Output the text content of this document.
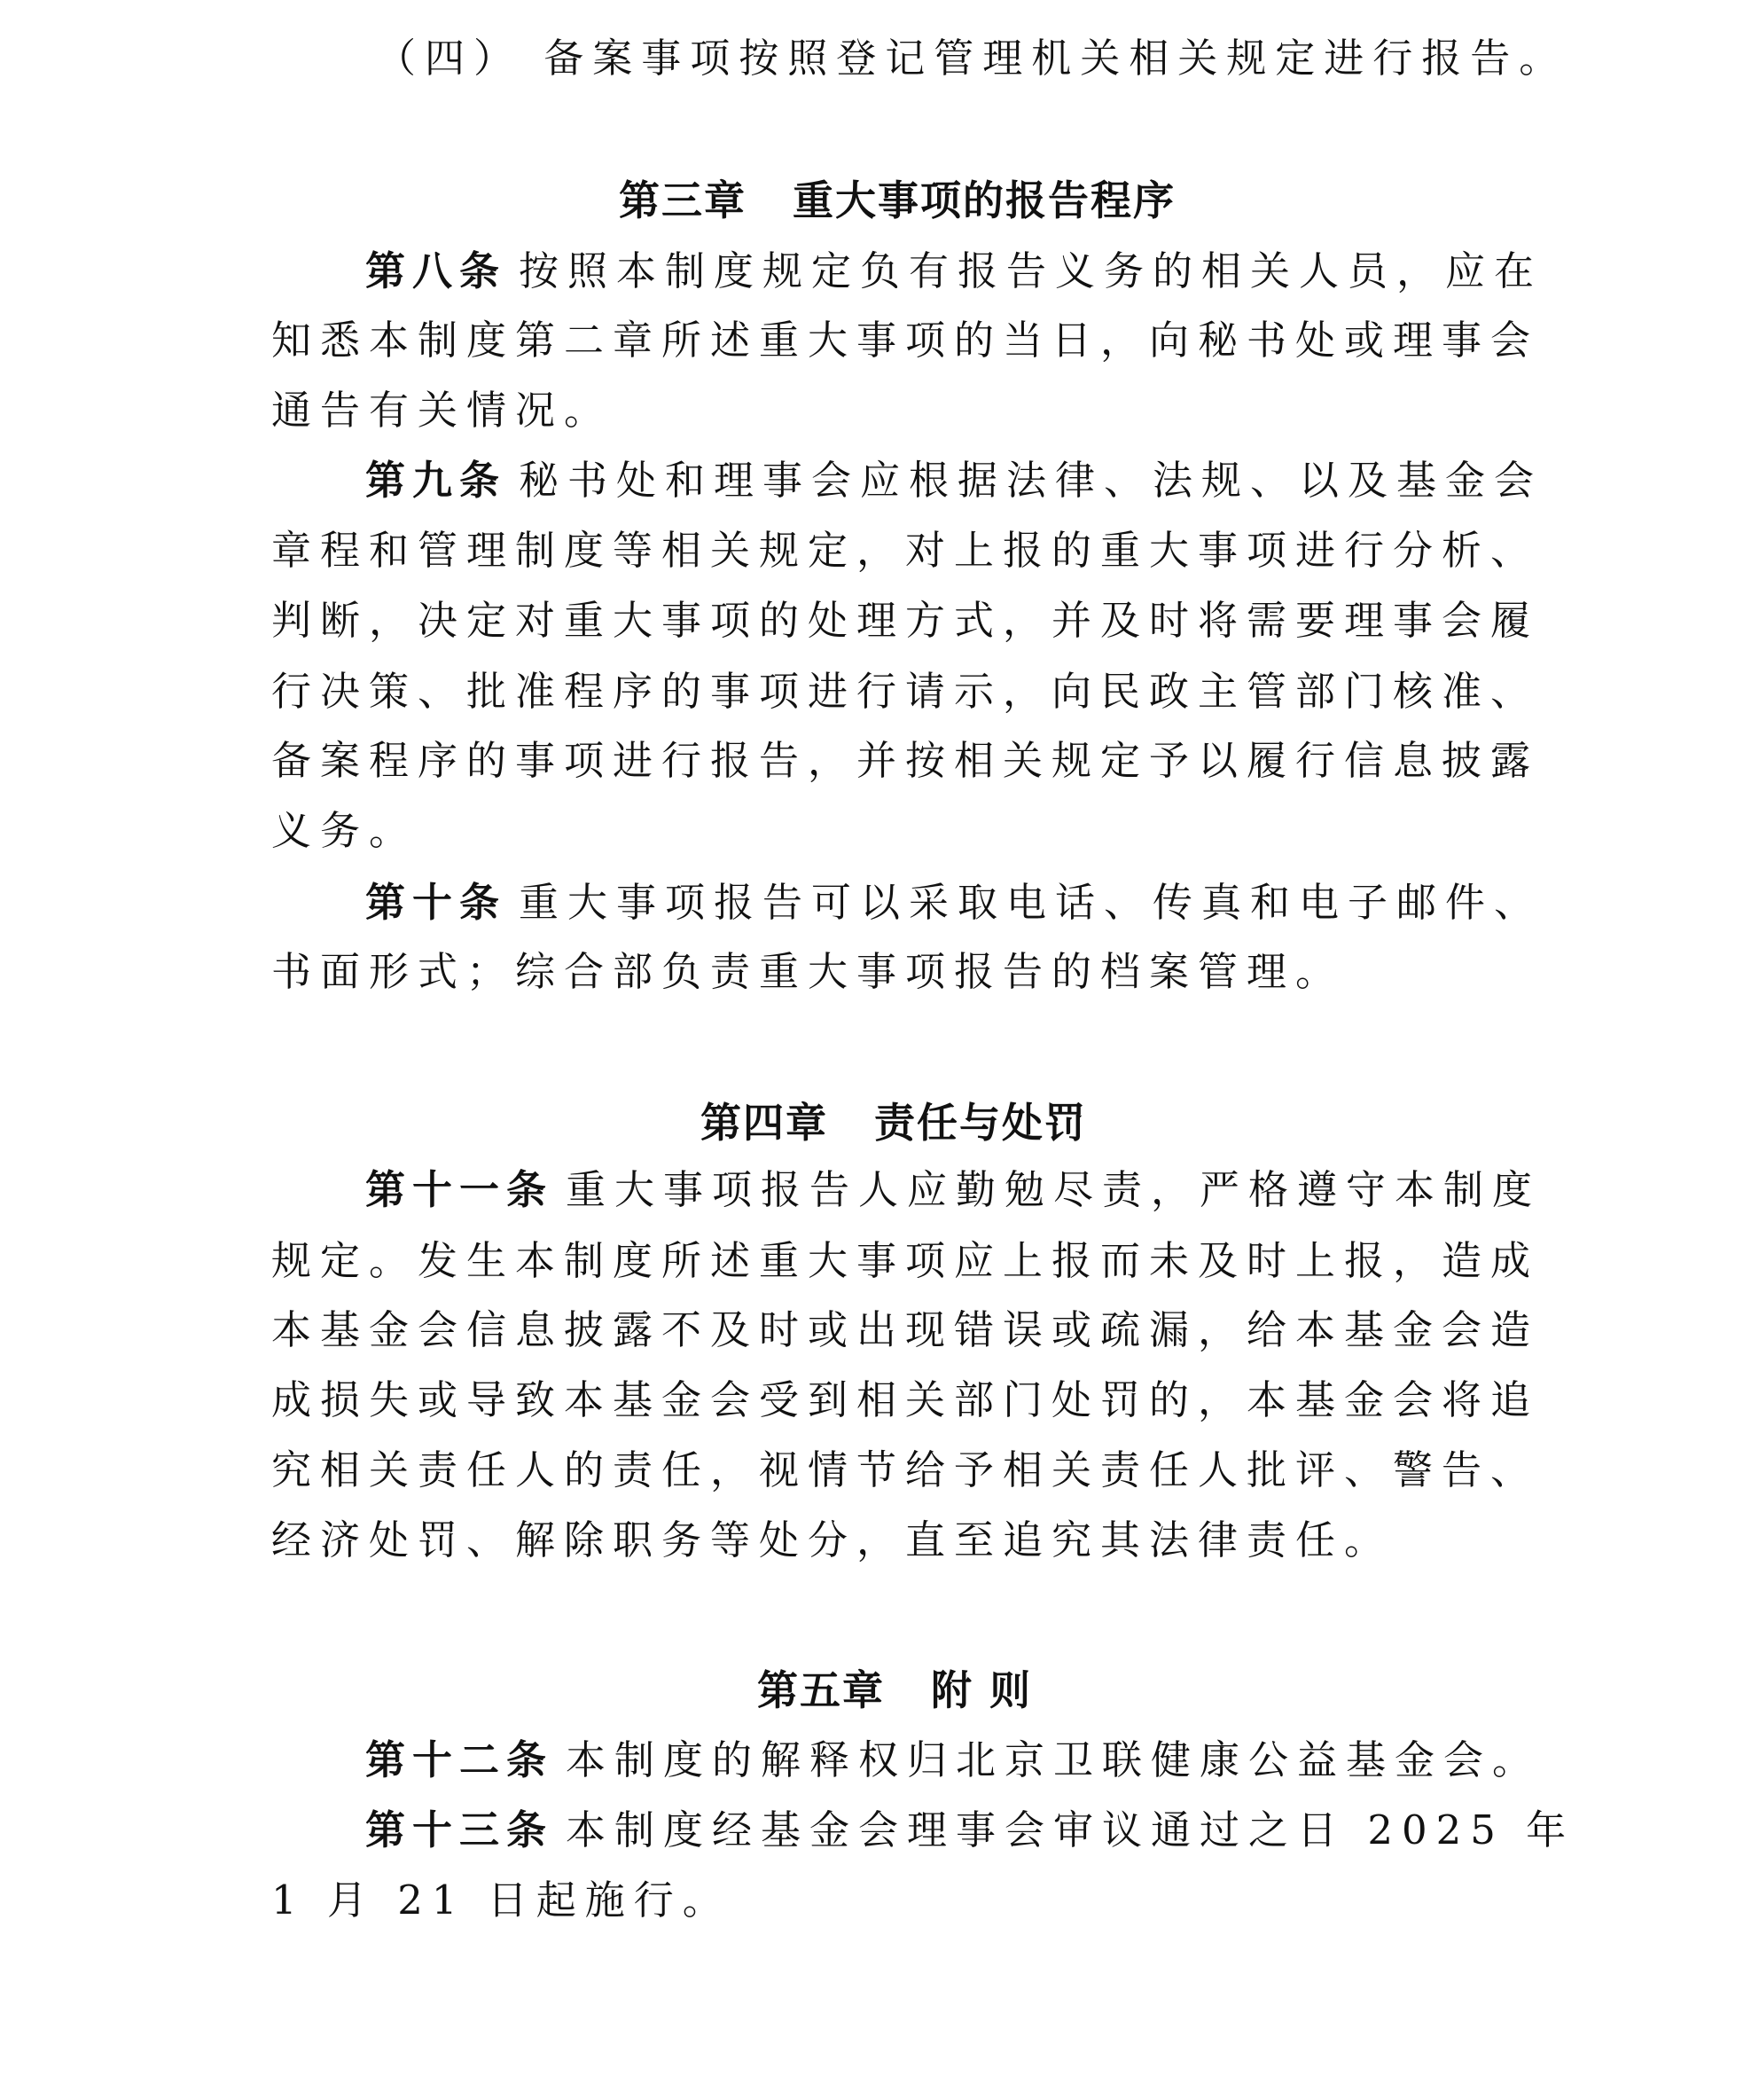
（四） 备案事项按照登记管理机关相关规定进行报告。
第三章 重大事项的报告程序
第八条 按照本制度规定负有报告义务的相关人员，应在
知悉本制度第二章所述重大事项的当日，向秘书处或理事会
通告有关情况。
第九条 秘书处和理事会应根据法律、法规、以及基金会
章程和管理制度等相关规定，对上报的重大事项进行分析、
判断，决定对重大事项的处理方式，并及时将需要理事会履
行决策、批准程序的事项进行请示，向民政主管部门核准、
备案程序的事项进行报告，并按相关规定予以履行信息披露
义务。
第十条 重大事项报告可以采取电话、传真和电子邮件、
书面形式；综合部负责重大事项报告的档案管理。
第四章 责任与处罚
第十一条 重大事项报告人应勤勉尽责，严格遵守本制度
规定。发生本制度所述重大事项应上报而未及时上报，造成
本基金会信息披露不及时或出现错误或疏漏，给本基金会造
成损失或导致本基金会受到相关部门处罚的，本基金会将追
究相关责任人的责任，视情节给予相关责任人批评、警告、
经济处罚、解除职务等处分，直至追究其法律责任。
第五章 附 则
第十二条 本制度的解释权归北京卫联健康公益基金会。
第十三条 本制度经基金会理事会审议通过之日 2025 年
1 月 21 日起施行。
